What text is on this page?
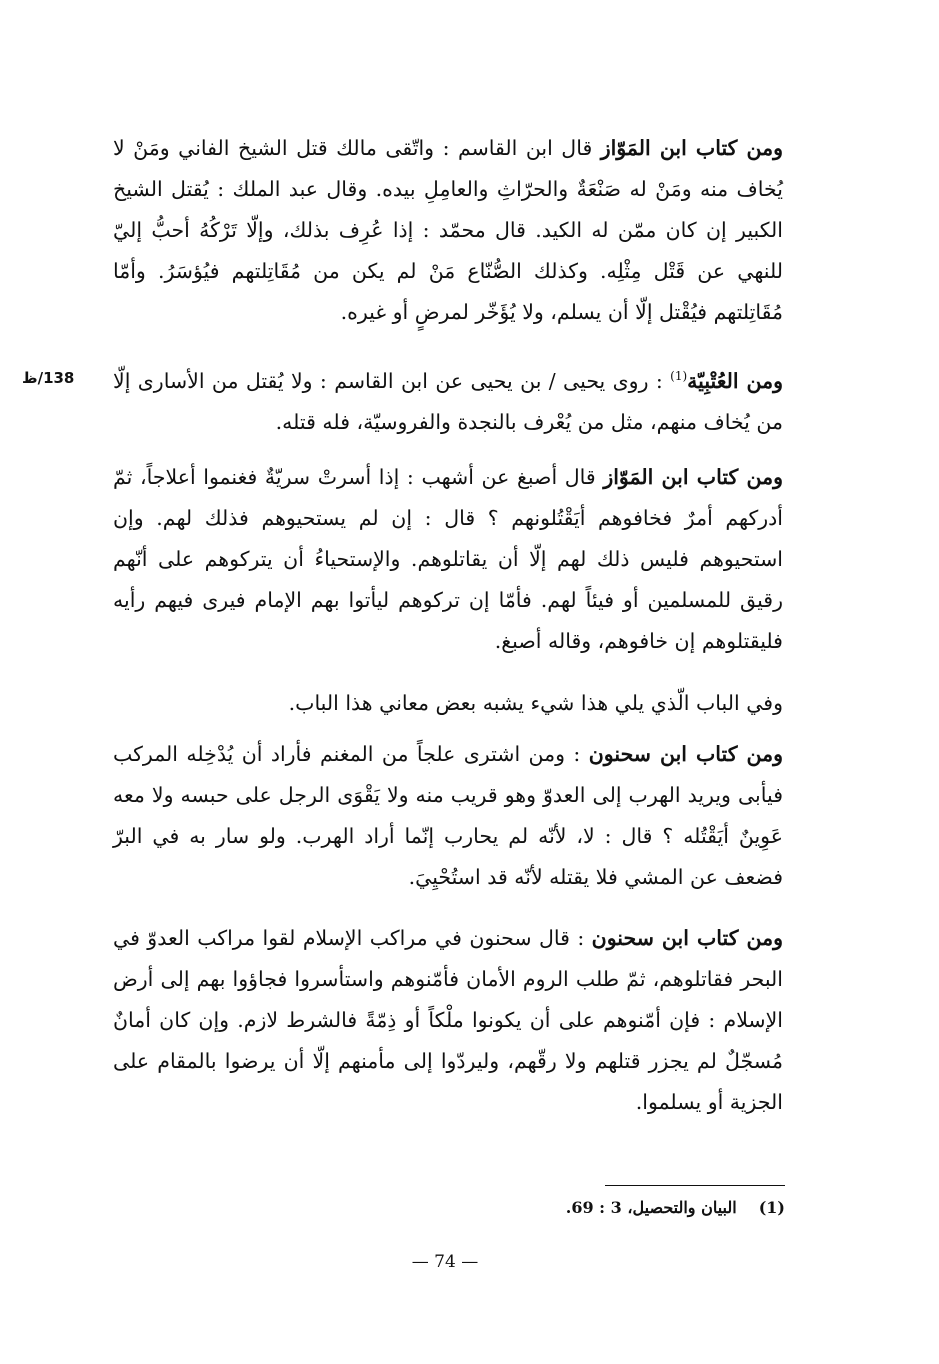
ومن كتاب ابن المَوّاز قال ابن القاسم : واتّقى مالك قتل الشيخ الفاني ومَنْ لا يُخاف منه ومَنْ له صَنْعَةٌ والحرّاثِ والعامِلِ بيده. وقال عبد الملك : يُقتل الشيخ الكبير إن كان ممّن له الكيد. قال محمّد : إذا عُرِف بذلك، وإلّا تَرْكُهُ أحبُّ إليّ للنهي عن قَتْل مِثْلِه. وكذلك الصُّنّاع مَنْ لم يكن من مُقَاتِلتهم فيُؤسَرُ. وأمّا مُقَاتِلتهم فيُقْتل إلّا أن يسلم، ولا يُؤَخّر لمرضٍ أو غيره.

138/ظ	ومن العُتْبِيّة$^{(1)}$ : روى يحيى / بن يحيى عن ابن القاسم : ولا يُقتل من الأسارى إلّا من يُخاف منهم، مثل من يُعْرف بالنجدة والفروسيّة، فله قتله.

ومن كتاب ابن المَوّاز قال أصبغ عن أشهب : إذا أسرتْ سريّةٌ فغنموا أعلاجاً، ثمّ أدركهم أمرٌ فخافوهم أيَقْتُلونهم ؟ قال : إن لم يستحيوهم فذلك لهم. وإن استحيوهم فليس ذلك لهم إلّا أن يقاتلوهم. والإستحياءُ أن يتركوهم على أنّهم رقيق للمسلمين أو فيئاً لهم. فأمّا إن تركوهم ليأتوا بهم الإمام فيرى فيهم رأيه فليقتلوهم إن خافوهم، وقاله أصبغ.

وفي الباب الّذي يلي هذا شيء يشبه بعض معاني هذا الباب.

ومن كتاب ابن سحنون : ومن اشترى علجاً من المغنم فأراد أن يُدْخِله المركب فيأبى ويريد الهرب إلى العدوّ وهو قريب منه ولا يَقْوَى الرجل على حبسه ولا معه عَوِينٌ أيَقْتُله ؟ قال : لا، لأنّه لم يحارب إنّما أراد الهرب. ولو سار به في البرّ فضعف عن المشي فلا يقتله لأنّه قد استُحْيِيَ.

ومن كتاب ابن سحنون : قال سحنون في مراكب الإسلام لقوا مراكب العدوّ في البحر فقاتلوهم، ثمّ طلب الروم الأمان فأمّنوهم واستأسروا فجاؤوا بهم إلى أرض الإسلام : فإن أمّنوهم على أن يكونوا ملْكاً أو ذِمّةً فالشرط لازم. وإن كان أمانٌ مُسجّلٌ لم يجزر قتلهم ولا رقّهم، وليردّوا إلى مأمنهم إلّا أن يرضوا بالمقام على الجزية أو يسلموا.

(1)البيان والتحصيل، 3 : 69.
— 74 —
